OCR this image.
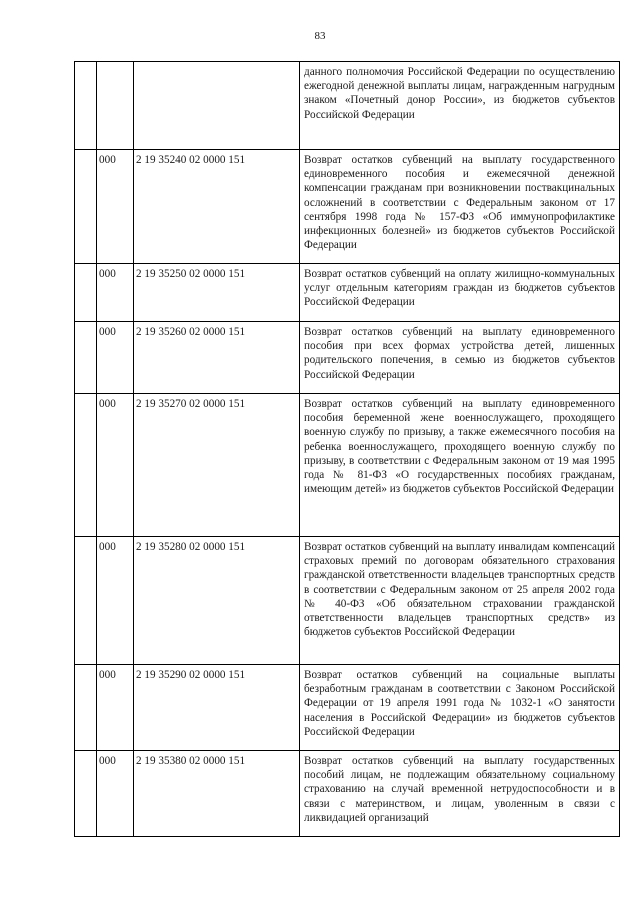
83
			данного полномочия Российской Федерации по осуществлению ежегодной денежной выплаты лицам, награжденным нагрудным знаком «Почетный донор России», из бюджетов субъектов Российской Федерации
	000	2 19 35240 02 0000 151	Возврат остатков субвенций на выплату государственного единовременного пособия и ежемесячной денежной компенсации гражданам при возникновении поствакцинальных осложнений в соответствии с Федеральным законом от 17 сентября 1998 года № 157-ФЗ «Об иммунопрофилактике инфекционных болезней» из бюджетов субъектов Российской Федерации
	000	2 19 35250 02 0000 151	Возврат остатков субвенций на оплату жилищно-коммунальных услуг отдельным категориям граждан из бюджетов субъектов Российской Федерации
	000	2 19 35260 02 0000 151	Возврат остатков субвенций на выплату единовременного пособия при всех формах устройства детей, лишенных родительского попечения, в семью из бюджетов субъектов Российской Федерации
	000	2 19 35270 02 0000 151	Возврат остатков субвенций на выплату единовременного пособия беременной жене военнослужащего, проходящего военную службу по призыву, а также ежемесячного пособия на ребенка военнослужащего, проходящего военную службу по призыву, в соответствии с Федеральным законом от 19 мая 1995 года № 81-ФЗ «О государственных пособиях гражданам, имеющим детей» из бюджетов субъектов Российской Федерации
	000	2 19 35280 02 0000 151	Возврат остатков субвенций на выплату инвалидам компенсаций страховых премий по договорам обязательного страхования гражданской ответственности владельцев транспортных средств в соответствии с Федеральным законом от 25 апреля 2002 года № 40-ФЗ «Об обязательном страховании гражданской ответственности владельцев транспортных средств» из бюджетов субъектов Российской Федерации
	000	2 19 35290 02 0000 151	Возврат остатков субвенций на социальные выплаты безработным гражданам в соответствии с Законом Российской Федерации от 19 апреля 1991 года № 1032-1 «О занятости населения в Российской Федерации» из бюджетов субъектов Российской Федерации
	000	2 19 35380 02 0000 151	Возврат остатков субвенций на выплату государственных пособий лицам, не подлежащим обязательному социальному страхованию на случай временной нетрудоспособности и в связи с материнством, и лицам, уволенным в связи с ликвидацией организаций
